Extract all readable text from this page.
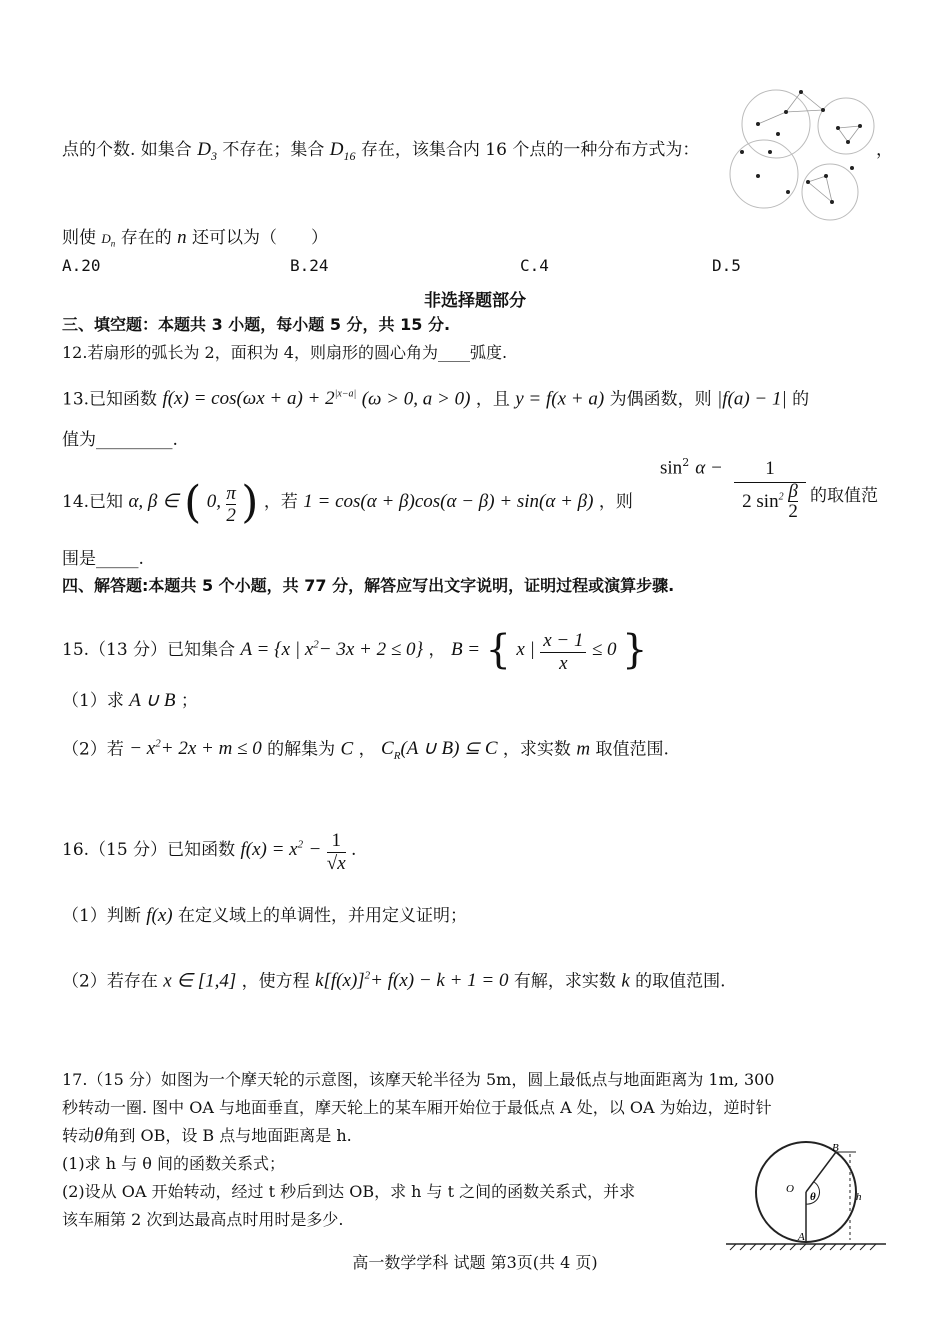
点的个数. 如集合 $D_3$ 不存在；集合 $D_{16}$ 存在，该集合内 16 个点的一种分布方式为：	，
则使 $D_n$ 存在的 n 还可以为（　　）
A.20	B.24	C.4	D.5
非选择题部分
三、填空题：本题共 3 小题，每小题 5 分，共 15 分.
12.若扇形的弧长为 2，面积为 4，则扇形的圆心角为____弧度.
13.已知函数 $f(x) = \cos(\omega x + a) + 2^{|x-a|}$ (ω > 0, a > 0) ，且 y = f(x + a) 为偶函数，则 |f(a) − 1| 的
值为_________.
14.已知 α, β ∈ ( 0, $\frac{\pi}{2}$ ) ，若 1 = cos(α + β)cos(α − β) + sin(α + β) ，则
$\sin^2 \alpha$ −	1
2 $\sin^2 \frac{\beta}{2}$ 的取值范
围是_____.
四、解答题:本题共 5 个小题，共 77 分，解答应写出文字说明，证明过程或演算步骤.
15.（13 分）已知集合 A = {x | $x^2- 3x + 2 \le 0$} ， B = { x | $\frac{x - 1}{x} \le 0$ }
（1）求 A ∪ B ；
（2）若 − $x^2+ 2x + m \le 0$ 的解集为 C ， $C_R(A$ ∪ B) ⊆ C ，求实数 m 取值范围.
16.（15 分）已知函数 $f(x) = x^2 - \frac{1}{√x}$ .
（1）判断 f(x) 在定义域上的单调性，并用定义证明；
（2）若存在 x ∈ [1,4] ，使方程 $k[f(x)]^2+ f(x) - k + 1 = 0$ 有解，求实数 k 的取值范围.
17.（15 分）如图为一个摩天轮的示意图，该摩天轮半径为 5m，圆上最低点与地面距离为 1m, 300
秒转动一圈. 图中 OA 与地面垂直，摩天轮上的某车厢开始位于最低点 A 处，以 OA 为始边，逆时针
转动θ角到 OB，设 B 点与地面距离是 h.
(1)求 h 与 θ 间的函数关系式；
(2)设从 OA 开始转动，经过 t 秒后到达 OB，求 h 与 t 之间的函数关系式，并求
该车厢第 2 次到达最高点时用时是多少.
B
O
θ	h
A
高一数学学科 试题 第3页(共 4 页)
